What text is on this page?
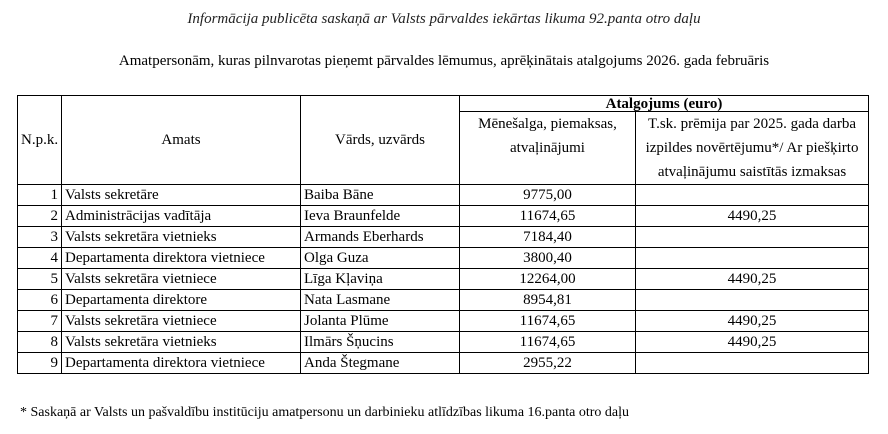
Informācija publicēta saskaņā ar Valsts pārvaldes iekārtas likuma 92.panta otro daļu
Amatpersonām, kuras pilnvarotas pieņemt pārvaldes lēmumus, aprēķinātais atalgojums 2026. gada februāris
N.p.k.	Amats	Vārds, uzvārds	Atalgojums (euro)	
			Mēnešalga, piemaksas, atvaļinājumi	T.sk. prēmija par 2025. gada darba izpildes novērtējumu*/ Ar piešķirto atvaļinājumu saistītās izmaksas
1	Valsts sekretāre	Baiba Bāne	9775,00	
2	Administrācijas vadītāja	Ieva Braunfelde	11674,65	4490,25
3	Valsts sekretāra vietnieks	Armands Eberhards	7184,40	
4	Departamenta direktora vietniece	Olga Guza	3800,40	
5	Valsts sekretāra vietniece	Līga Kļaviņa	12264,00	4490,25
6	Departamenta direktore	Nata Lasmane	8954,81	
7	Valsts sekretāra vietniece	Jolanta Plūme	11674,65	4490,25
8	Valsts sekretāra vietnieks	Ilmārs Šņucins	11674,65	4490,25
9	Departamenta direktora vietniece	Anda Štegmane	2955,22	
* Saskaņā ar Valsts un pašvaldību institūciju amatpersonu un darbinieku atlīdzības likuma 16.panta otro daļu
